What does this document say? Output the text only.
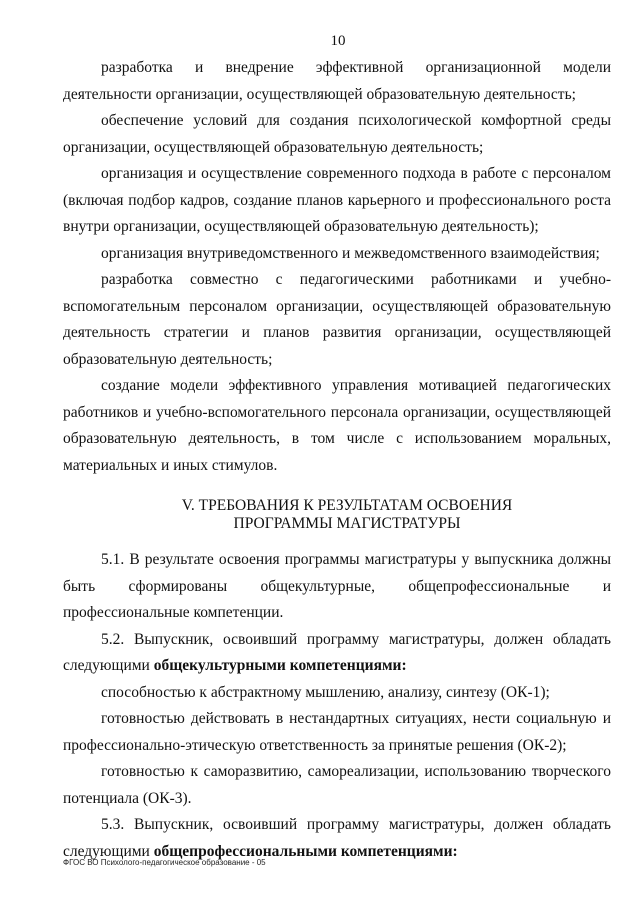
10

разработка и внедрение эффективной организационной модели деятельности организации, осуществляющей образовательную деятельность;

обеспечение условий для создания психологической комфортной среды организации, осуществляющей образовательную деятельность;

организация и осуществление современного подхода в работе с персоналом (включая подбор кадров, создание планов карьерного и профессионального роста внутри организации, осуществляющей образовательную деятельность);

организация внутриведомственного и межведомственного взаимодействия;

разработка совместно с педагогическими работниками и учебно-вспомогательным персоналом организации, осуществляющей образовательную деятельность стратегии и планов развития организации, осуществляющей образовательную деятельность;

создание модели эффективного управления мотивацией педагогических работников и учебно-вспомогательного персонала организации, осуществляющей образовательную деятельность, в том числе с использованием моральных, материальных и иных стимулов.

V. ТРЕБОВАНИЯ К РЕЗУЛЬТАТАМ ОСВОЕНИЯ
ПРОГРАММЫ МАГИСТРАТУРЫ

5.1. В результате освоения программы магистратуры у выпускника должны быть сформированы общекультурные, общепрофессиональные и профессиональные компетенции.

5.2. Выпускник, освоивший программу магистратуры, должен обладать следующими общекультурными компетенциями:

способностью к абстрактному мышлению, анализу, синтезу (ОК-1);

готовностью действовать в нестандартных ситуациях, нести социальную и профессионально-этическую ответственность за принятые решения (ОК-2);

готовностью к саморазвитию, самореализации, использованию творческого потенциала (ОК-3).

5.3. Выпускник, освоивший программу магистратуры, должен обладать следующими общепрофессиональными компетенциями:

ФГОС ВО Психолого-педагогическое образование - 05
